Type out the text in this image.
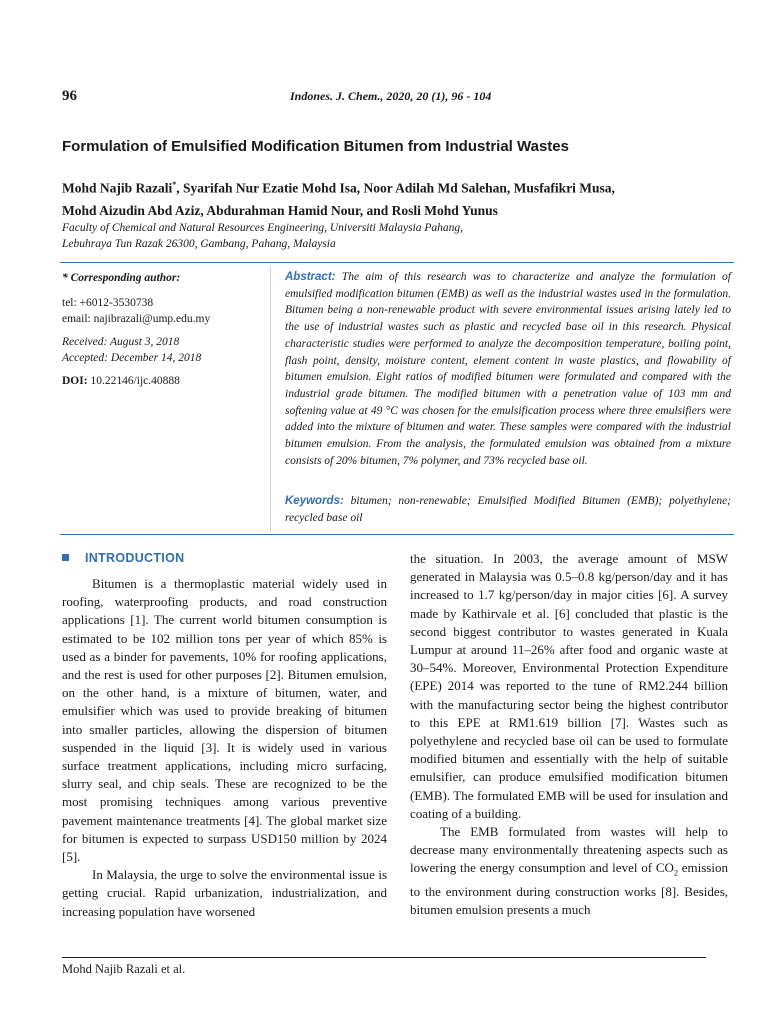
96	Indones. J. Chem., 2020, 20 (1), 96 - 104
Formulation of Emulsified Modification Bitumen from Industrial Wastes
Mohd Najib Razali*, Syarifah Nur Ezatie Mohd Isa, Noor Adilah Md Salehan, Musfafikri Musa,
Mohd Aizudin Abd Aziz, Abdurahman Hamid Nour, and Rosli Mohd Yunus
Faculty of Chemical and Natural Resources Engineering, Universiti Malaysia Pahang,
Lebuhraya Tun Razak 26300, Gambang, Pahang, Malaysia
* Corresponding author:
tel: +6012-3530738
email: najibrazali@ump.edu.my
Received: August 3, 2018
Accepted: December 14, 2018
DOI: 10.22146/ijc.40888

Abstract: The aim of this research was to characterize and analyze the formulation of emulsified modification bitumen (EMB) as well as the industrial wastes used in the formulation. Bitumen being a non-renewable product with severe environmental issues arising lately led to the use of industrial wastes such as plastic and recycled base oil in this research. Physical characteristic studies were performed to analyze the decomposition temperature, boiling point, flash point, density, moisture content, element content in waste plastics, and flowability of bitumen emulsion. Eight ratios of modified bitumen were formulated and compared with the industrial grade bitumen. The modified bitumen with a penetration value of 103 mm and softening value at 49 °C was chosen for the emulsification process where three emulsifiers were added into the mixture of bitumen and water. These samples were compared with the industrial bitumen emulsion. From the analysis, the formulated emulsion was obtained from a mixture consists of 20% bitumen, 7% polymer, and 73% recycled base oil.

Keywords: bitumen; non-renewable; Emulsified Modified Bitumen (EMB); polyethylene; recycled base oil

INTRODUCTION

Bitumen is a thermoplastic material widely used in roofing, waterproofing products, and road construction applications [1]. The current world bitumen consumption is estimated to be 102 million tons per year of which 85% is used as a binder for pavements, 10% for roofing applications, and the rest is used for other purposes [2]. Bitumen emulsion, on the other hand, is a mixture of bitumen, water, and emulsifier which was used to provide breaking of bitumen into smaller particles, allowing the dispersion of bitumen suspended in the liquid [3]. It is widely used in various surface treatment applications, including micro surfacing, slurry seal, and chip seals. These are recognized to be the most promising techniques among various preventive pavement maintenance treatments [4]. The global market size for bitumen is expected to surpass USD150 million by 2024 [5].

In Malaysia, the urge to solve the environmental issue is getting crucial. Rapid urbanization, industrialization, and increasing population have worsened

the situation. In 2003, the average amount of MSW generated in Malaysia was 0.5–0.8 kg/person/day and it has increased to 1.7 kg/person/day in major cities [6]. A survey made by Kathirvale et al. [6] concluded that plastic is the second biggest contributor to wastes generated in Kuala Lumpur at around 11–26% after food and organic waste at 30–54%. Moreover, Environmental Protection Expenditure (EPE) 2014 was reported to the tune of RM2.244 billion with the manufacturing sector being the highest contributor to this EPE at RM1.619 billion [7]. Wastes such as polyethylene and recycled base oil can be used to formulate modified bitumen and essentially with the help of suitable emulsifier, can produce emulsified modification bitumen (EMB). The formulated EMB will be used for insulation and coating of a building.

The EMB formulated from wastes will help to decrease many environmentally threatening aspects such as lowering the energy consumption and level of $CO_2$ emission to the environment during construction works [8]. Besides, bitumen emulsion presents a much

Mohd Najib Razali et al.
